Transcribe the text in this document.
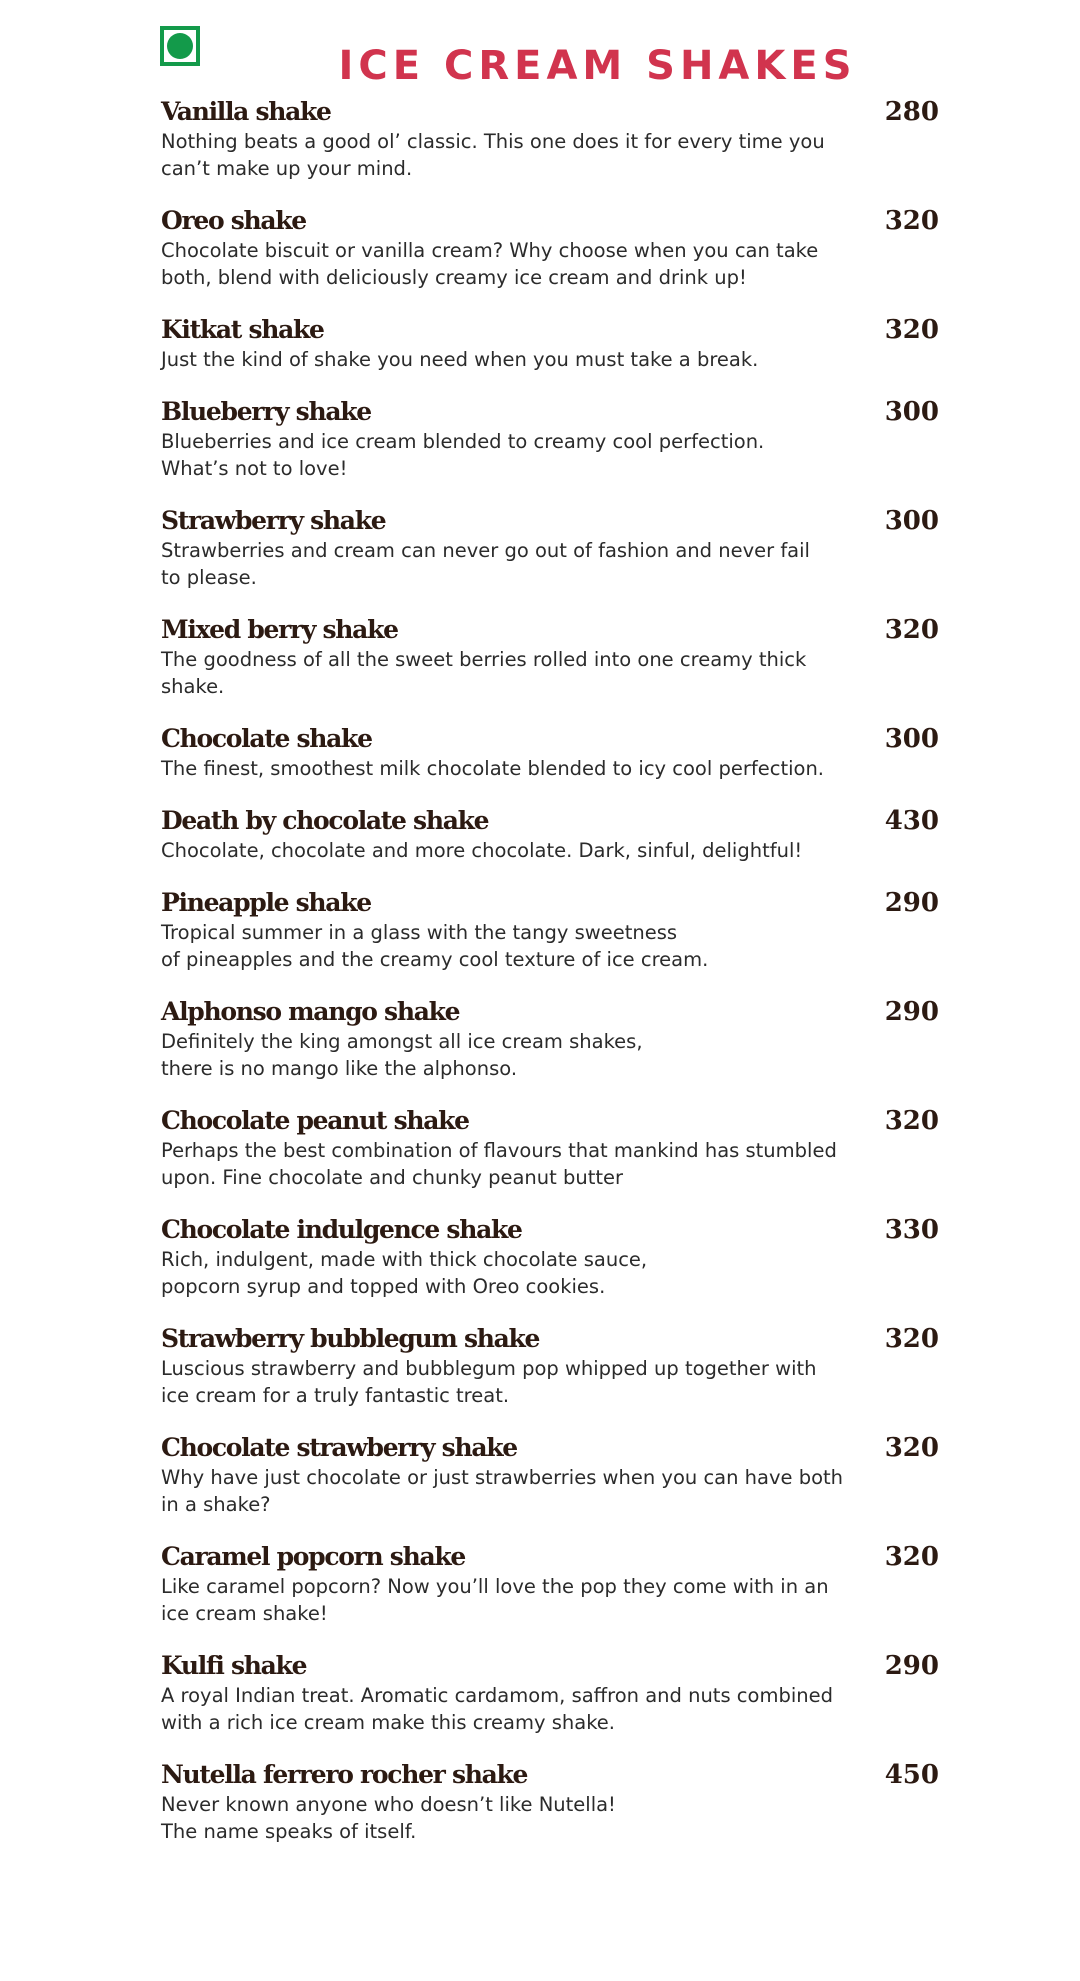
ICE CREAM SHAKES
Vanilla shake	280
Nothing beats a good ol’ classic. This one does it for every time you
can’t make up your mind.
Oreo shake	320
Chocolate biscuit or vanilla cream? Why choose when you can take
both, blend with deliciously creamy ice cream and drink up!
Kitkat shake	320
Just the kind of shake you need when you must take a break.
Blueberry shake	300
Blueberries and ice cream blended to creamy cool perfection.
What’s not to love!
Strawberry shake	300
Strawberries and cream can never go out of fashion and never fail
to please.
Mixed berry shake	320
The goodness of all the sweet berries rolled into one creamy thick
shake.
Chocolate shake	300
The finest, smoothest milk chocolate blended to icy cool perfection.
Death by chocolate shake	430
Chocolate, chocolate and more chocolate. Dark, sinful, delightful!
Pineapple shake	290
Tropical summer in a glass with the tangy sweetness
of pineapples and the creamy cool texture of ice cream.
Alphonso mango shake	290
Definitely the king amongst all ice cream shakes,
there is no mango like the alphonso.
Chocolate peanut shake	320
Perhaps the best combination of flavours that mankind has stumbled
upon. Fine chocolate and chunky peanut butter
Chocolate indulgence shake	330
Rich, indulgent, made with thick chocolate sauce,
popcorn syrup and topped with Oreo cookies.
Strawberry bubblegum shake	320
Luscious strawberry and bubblegum pop whipped up together with
ice cream for a truly fantastic treat.
Chocolate strawberry shake	320
Why have just chocolate or just strawberries when you can have both
in a shake?
Caramel popcorn shake	320
Like caramel popcorn? Now you’ll love the pop they come with in an
ice cream shake!
Kulfi shake	290
A royal Indian treat. Aromatic cardamom, saffron and nuts combined
with a rich ice cream make this creamy shake.
Nutella ferrero rocher shake	450
Never known anyone who doesn’t like Nutella!
The name speaks of itself.
